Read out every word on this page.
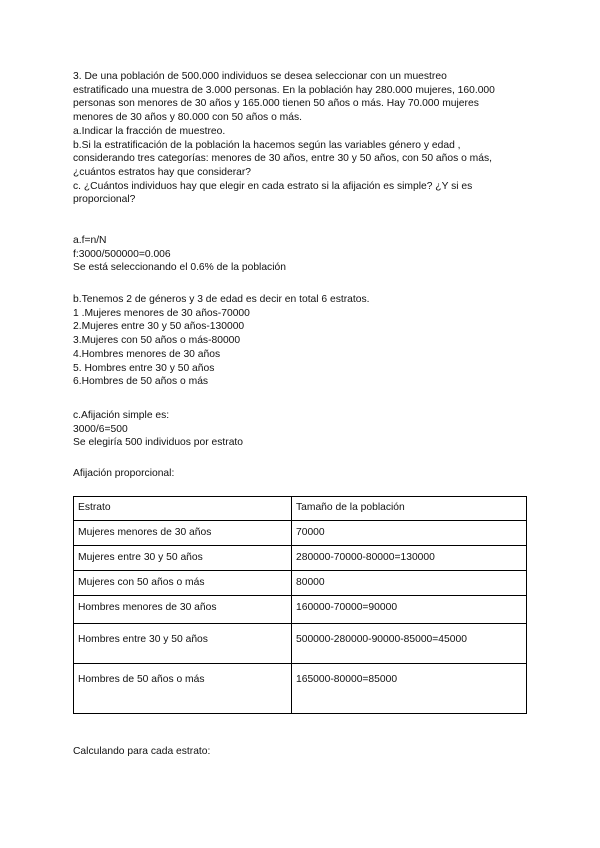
3. De una población de 500.000 individuos se desea seleccionar con un muestreo
estratificado una muestra de 3.000 personas. En la población hay 280.000 mujeres, 160.000
personas son menores de 30 años y 165.000 tienen 50 años o más. Hay 70.000 mujeres
menores de 30 años y 80.000 con 50 años o más.
a.Indicar la fracción de muestreo.
b.Si la estratificación de la población la hacemos según las variables género y edad ,
considerando tres categorías: menores de 30 años, entre 30 y 50 años, con 50 años o más,
¿cuántos estratos hay que considerar?
c. ¿Cuántos individuos hay que elegir en cada estrato si la afijación es simple? ¿Y si es
proporcional?
a.f=n/N
f:3000/500000=0.006
Se está seleccionando el 0.6% de la población
b.Tenemos 2 de géneros y 3 de edad es decir en total 6 estratos.
1 .Mujeres menores de 30 años-70000
2.Mujeres entre 30 y 50 años-130000
3.Mujeres con 50 años o más-80000
4.Hombres menores de 30 años
5. Hombres entre 30 y 50 años
6.Hombres de 50 años o más
c.Afijación simple es:
3000/6=500
Se elegiría 500 individuos por estrato
Afijación proporcional:
Estrato	Tamaño de la población
Mujeres menores de 30 años	70000
Mujeres entre 30 y 50 años	280000-70000-80000=130000
Mujeres con 50 años o más	80000
Hombres menores de 30 años	160000-70000=90000
Hombres entre 30 y 50 años	500000-280000-90000-85000=45000
Hombres de 50 años o más	165000-80000=85000
Calculando para cada estrato:
